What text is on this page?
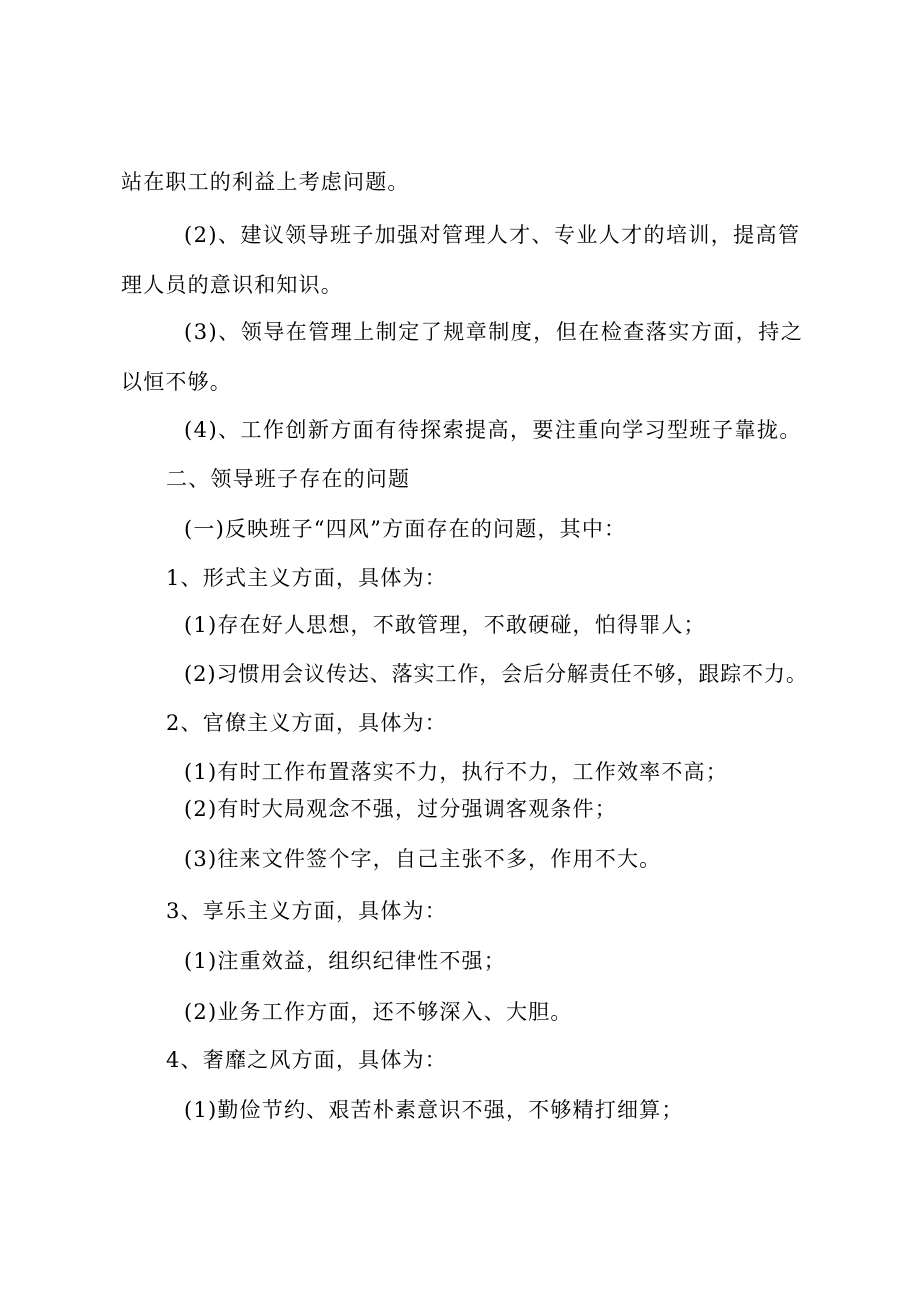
站在职工的利益上考虑问题。

(2)、建议领导班子加强对管理人才、专业人才的培训，提高管

理人员的意识和知识。

(3)、领导在管理上制定了规章制度，但在检查落实方面，持之

以恒不够。

(4)、工作创新方面有待探索提高，要注重向学习型班子靠拢。

二、领导班子存在的问题

(一)反映班子“四风”方面存在的问题，其中：

1、形式主义方面，具体为：

(1)存在好人思想，不敢管理，不敢硬碰，怕得罪人；

(2)习惯用会议传达、落实工作，会后分解责任不够，跟踪不力。

2、官僚主义方面，具体为：

(1)有时工作布置落实不力，执行不力，工作效率不高；

(2)有时大局观念不强，过分强调客观条件；

(3)往来文件签个字，自己主张不多，作用不大。

3、享乐主义方面，具体为：

(1)注重效益，组织纪律性不强；

(2)业务工作方面，还不够深入、大胆。

4、奢靡之风方面，具体为：

(1)勤俭节约、艰苦朴素意识不强，不够精打细算；
